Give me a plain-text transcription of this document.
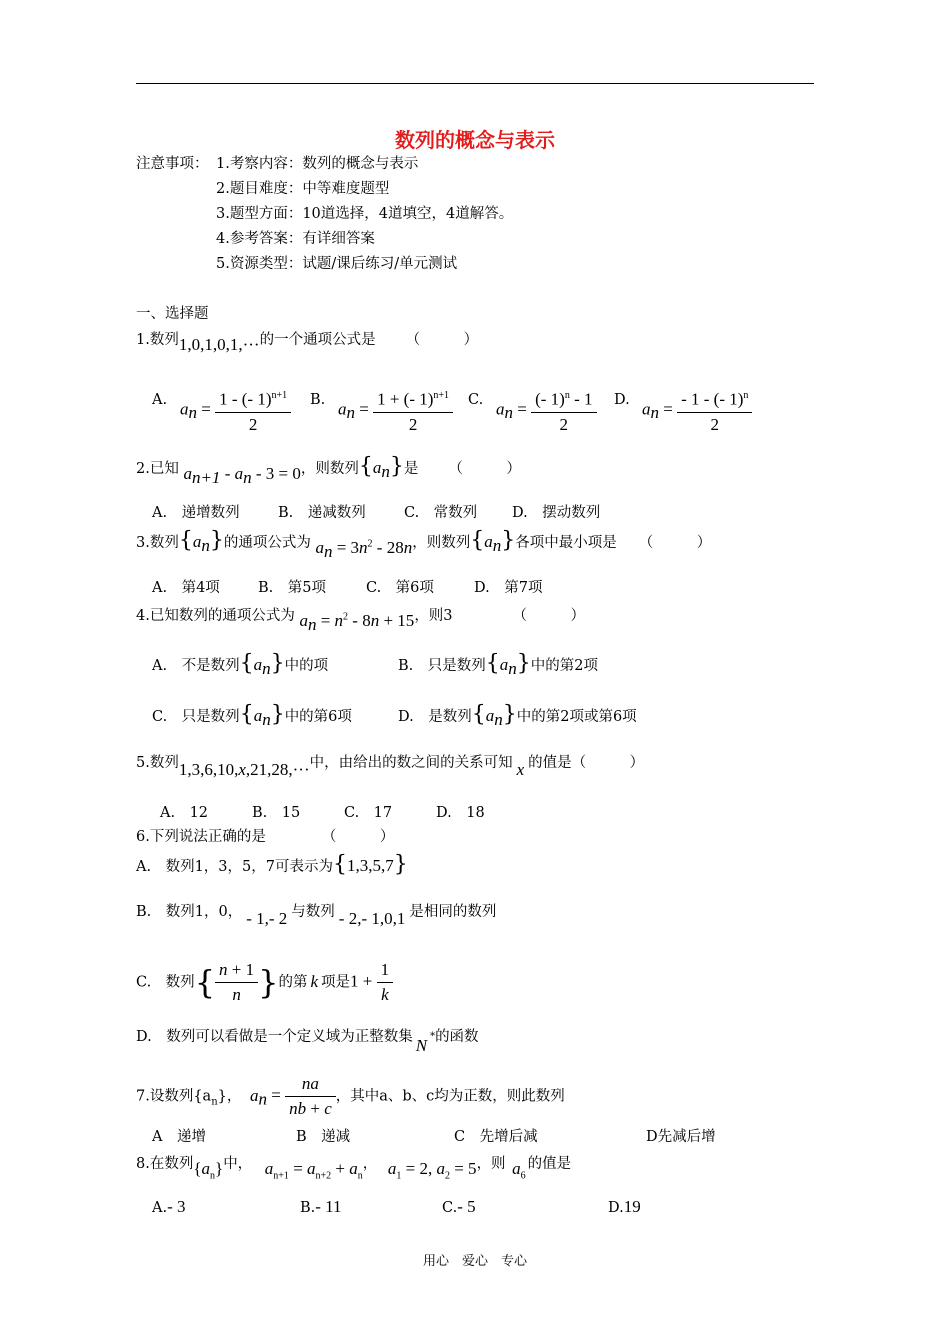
数列的概念与表示
注意事项： 1.考察内容：数列的概念与表示
2.题目难度：中等难度题型
3.题型方面：10道选择，4道填空，4道解答。
4.参考答案：有详细答案
5.资源类型：试题/课后练习/单元测试
一、选择题
1.数列1,0,1,0,1,···的一个通项公式是 （　　　）
A. $a_n = \frac{1 - (- 1)^{n+1}}{2} B$. $a_n = \frac{1 + (- 1)^{n+1}}{2} C$. $a_n = \frac{(- 1)^n - 1}{2} D$. $a_n = \frac{- 1 - (- 1)^n}{2}$
2.已知 $a_{n+1} - a_n - 3 = 0$，则数列$\{a_n\}$是 （　　　）
A.　递增数列	B.　递减数列	C.　常数列 D.　摆动数列
3.数列$\{a_n\}$的通项公式为 $a_n = 3n^2 - 28n$，则数列$\{a_n\}$各项中最小项是 （　　　）
A.　第4项	B.　第5项	C.　第6项	D.　第7项
4.已知数列的通项公式为 $a_n = n^2 - 8n + 15$，则3	（　　　）
A.　不是数列$\{a_n\}$中的项	B.　只是数列$\{a_n\}$中的第2项
C.　只是数列$\{a_n\}$中的第6项	D.　是数列$\{a_n\}$中的第2项或第6项
5.数列1,3,6,10,x,21,28,···中，由给出的数之间的关系可知 x 的值是（　　　）
A.　12	B.　15	C.　17	D.　18
6.下列说法正确的是	（　　　）
A.　数列1，3，5，7可表示为{1,3,5,7}
B.　数列1，0， - 1,- 2 与数列 - 2,- 1,0,1 是相同的数列
C.　数列{ $\frac{n + 1}{n}$ }的第 k 项是$1 + \frac{1}{k}$
D.　数列可以看做是一个定义域为正整数集 N *的函数
7.设数列$\{a_n\}$， $a_n = \frac{na}{nb + c}$ ，其中a、b、c均为正数，则此数列
A　递增	B　递减	C　先增后减	D先减后增
8.在数列$\{a_n\}$中， $a_{n+1} = a_{n+2} + a_n$， $a_1 = 2$, $a_2 = 5$，则 $a_6$的值是
A.- 3	B.- 11	C.- 5	D.19
用心　爱心　专心
